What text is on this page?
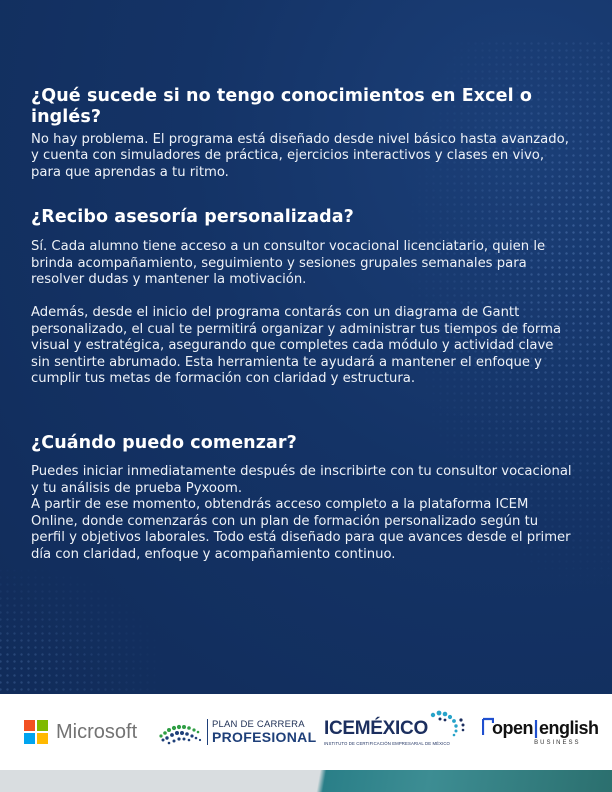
¿Qué sucede si no tengo conocimientos en Excel o inglés?

No hay problema. El programa está diseñado desde nivel básico hasta avanzado, y cuenta con simuladores de práctica, ejercicios interactivos y clases en vivo, para que aprendas a tu ritmo.

¿Recibo asesoría personalizada?

Sí. Cada alumno tiene acceso a un consultor vocacional licenciatario, quien le brinda acompañamiento, seguimiento y sesiones grupales semanales para resolver dudas y mantener la motivación.

Además, desde el inicio del programa contarás con un diagrama de Gantt personalizado, el cual te permitirá organizar y administrar tus tiempos de forma visual y estratégica, asegurando que completes cada módulo y actividad clave sin sentirte abrumado. Esta herramienta te ayudará a mantener el enfoque y cumplir tus metas de formación con claridad y estructura.

¿Cuándo puedo comenzar?

Puedes iniciar inmediatamente después de inscribirte con tu consultor vocacional y tu análisis de prueba Pyxoom.

A partir de ese momento, obtendrás acceso completo a la plataforma ICEM Online, donde comenzarás con un plan de formación personalizado según tu perfil y objetivos laborales. Todo está diseñado para que avances desde el primer día con claridad, enfoque y acompañamiento continuo.

Microsoft	PLAN DE CARRERA
PROFESIONAL ICE MÉXICO
INSTITUTO DE CERTIFICACIÓN EMPRESARIAL DE MÉXICO
open english
BUSINESS
